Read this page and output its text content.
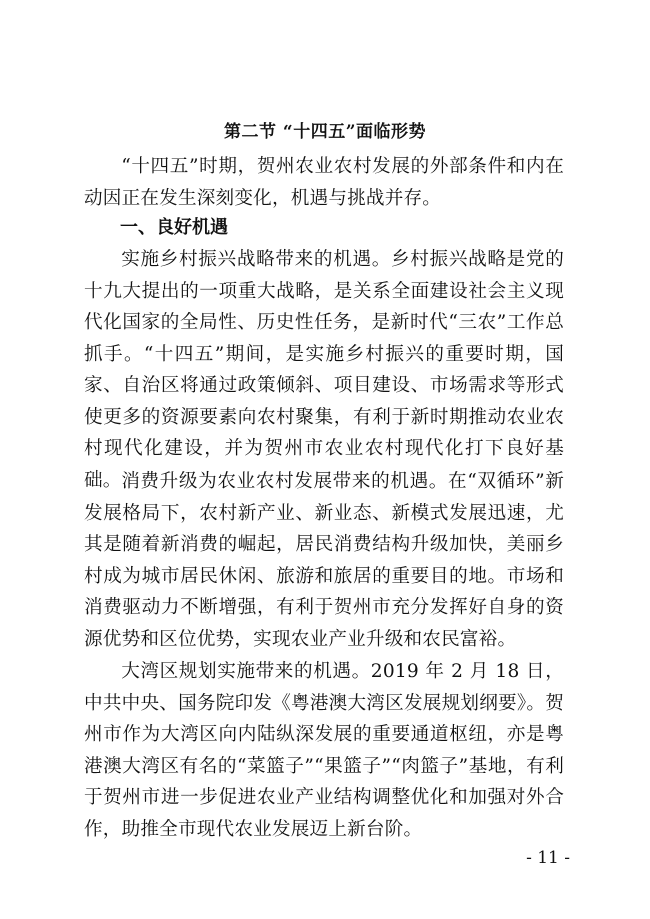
第二节 “十四五”面临形势
“十四五”时期，贺州农业农村发展的外部条件和内在动因正在发生深刻变化，机遇与挑战并存。
一、良好机遇
实施乡村振兴战略带来的机遇。乡村振兴战略是党的十九大提出的一项重大战略，是关系全面建设社会主义现代化国家的全局性、历史性任务，是新时代“三农”工作总抓手。“十四五”期间，是实施乡村振兴的重要时期，国家、自治区将通过政策倾斜、项目建设、市场需求等形式使更多的资源要素向农村聚集，有利于新时期推动农业农村现代化建设，并为贺州市农业农村现代化打下良好基础。 消费升级为农业农村发展带来的机遇。在“双循环”新发展格局下，农村新产业、新业态、新模式发展迅速，尤其是随着新消费的崛起，居民消费结构升级加快，美丽乡村成为城市居民休闲、旅游和旅居的重要目的地。市场和消费驱动力不断增强，有利于贺州市充分发挥好自身的资源优势和区位优势，实现农业产业升级和农民富裕。
大湾区规划实施带来的机遇。2019 年 2 月 18 日，中共中央、国务院印发《粤港澳大湾区发展规划纲要》。贺州市作为大湾区向内陆纵深发展的重要通道枢纽，亦是粤港澳大湾区有名的“菜篮子”“果篮子”“肉篮子”基地，有利于贺州市进一步促进农业产业结构调整优化和加强对外合作，助推全市现代农业发展迈上新台阶。
- 11 -
